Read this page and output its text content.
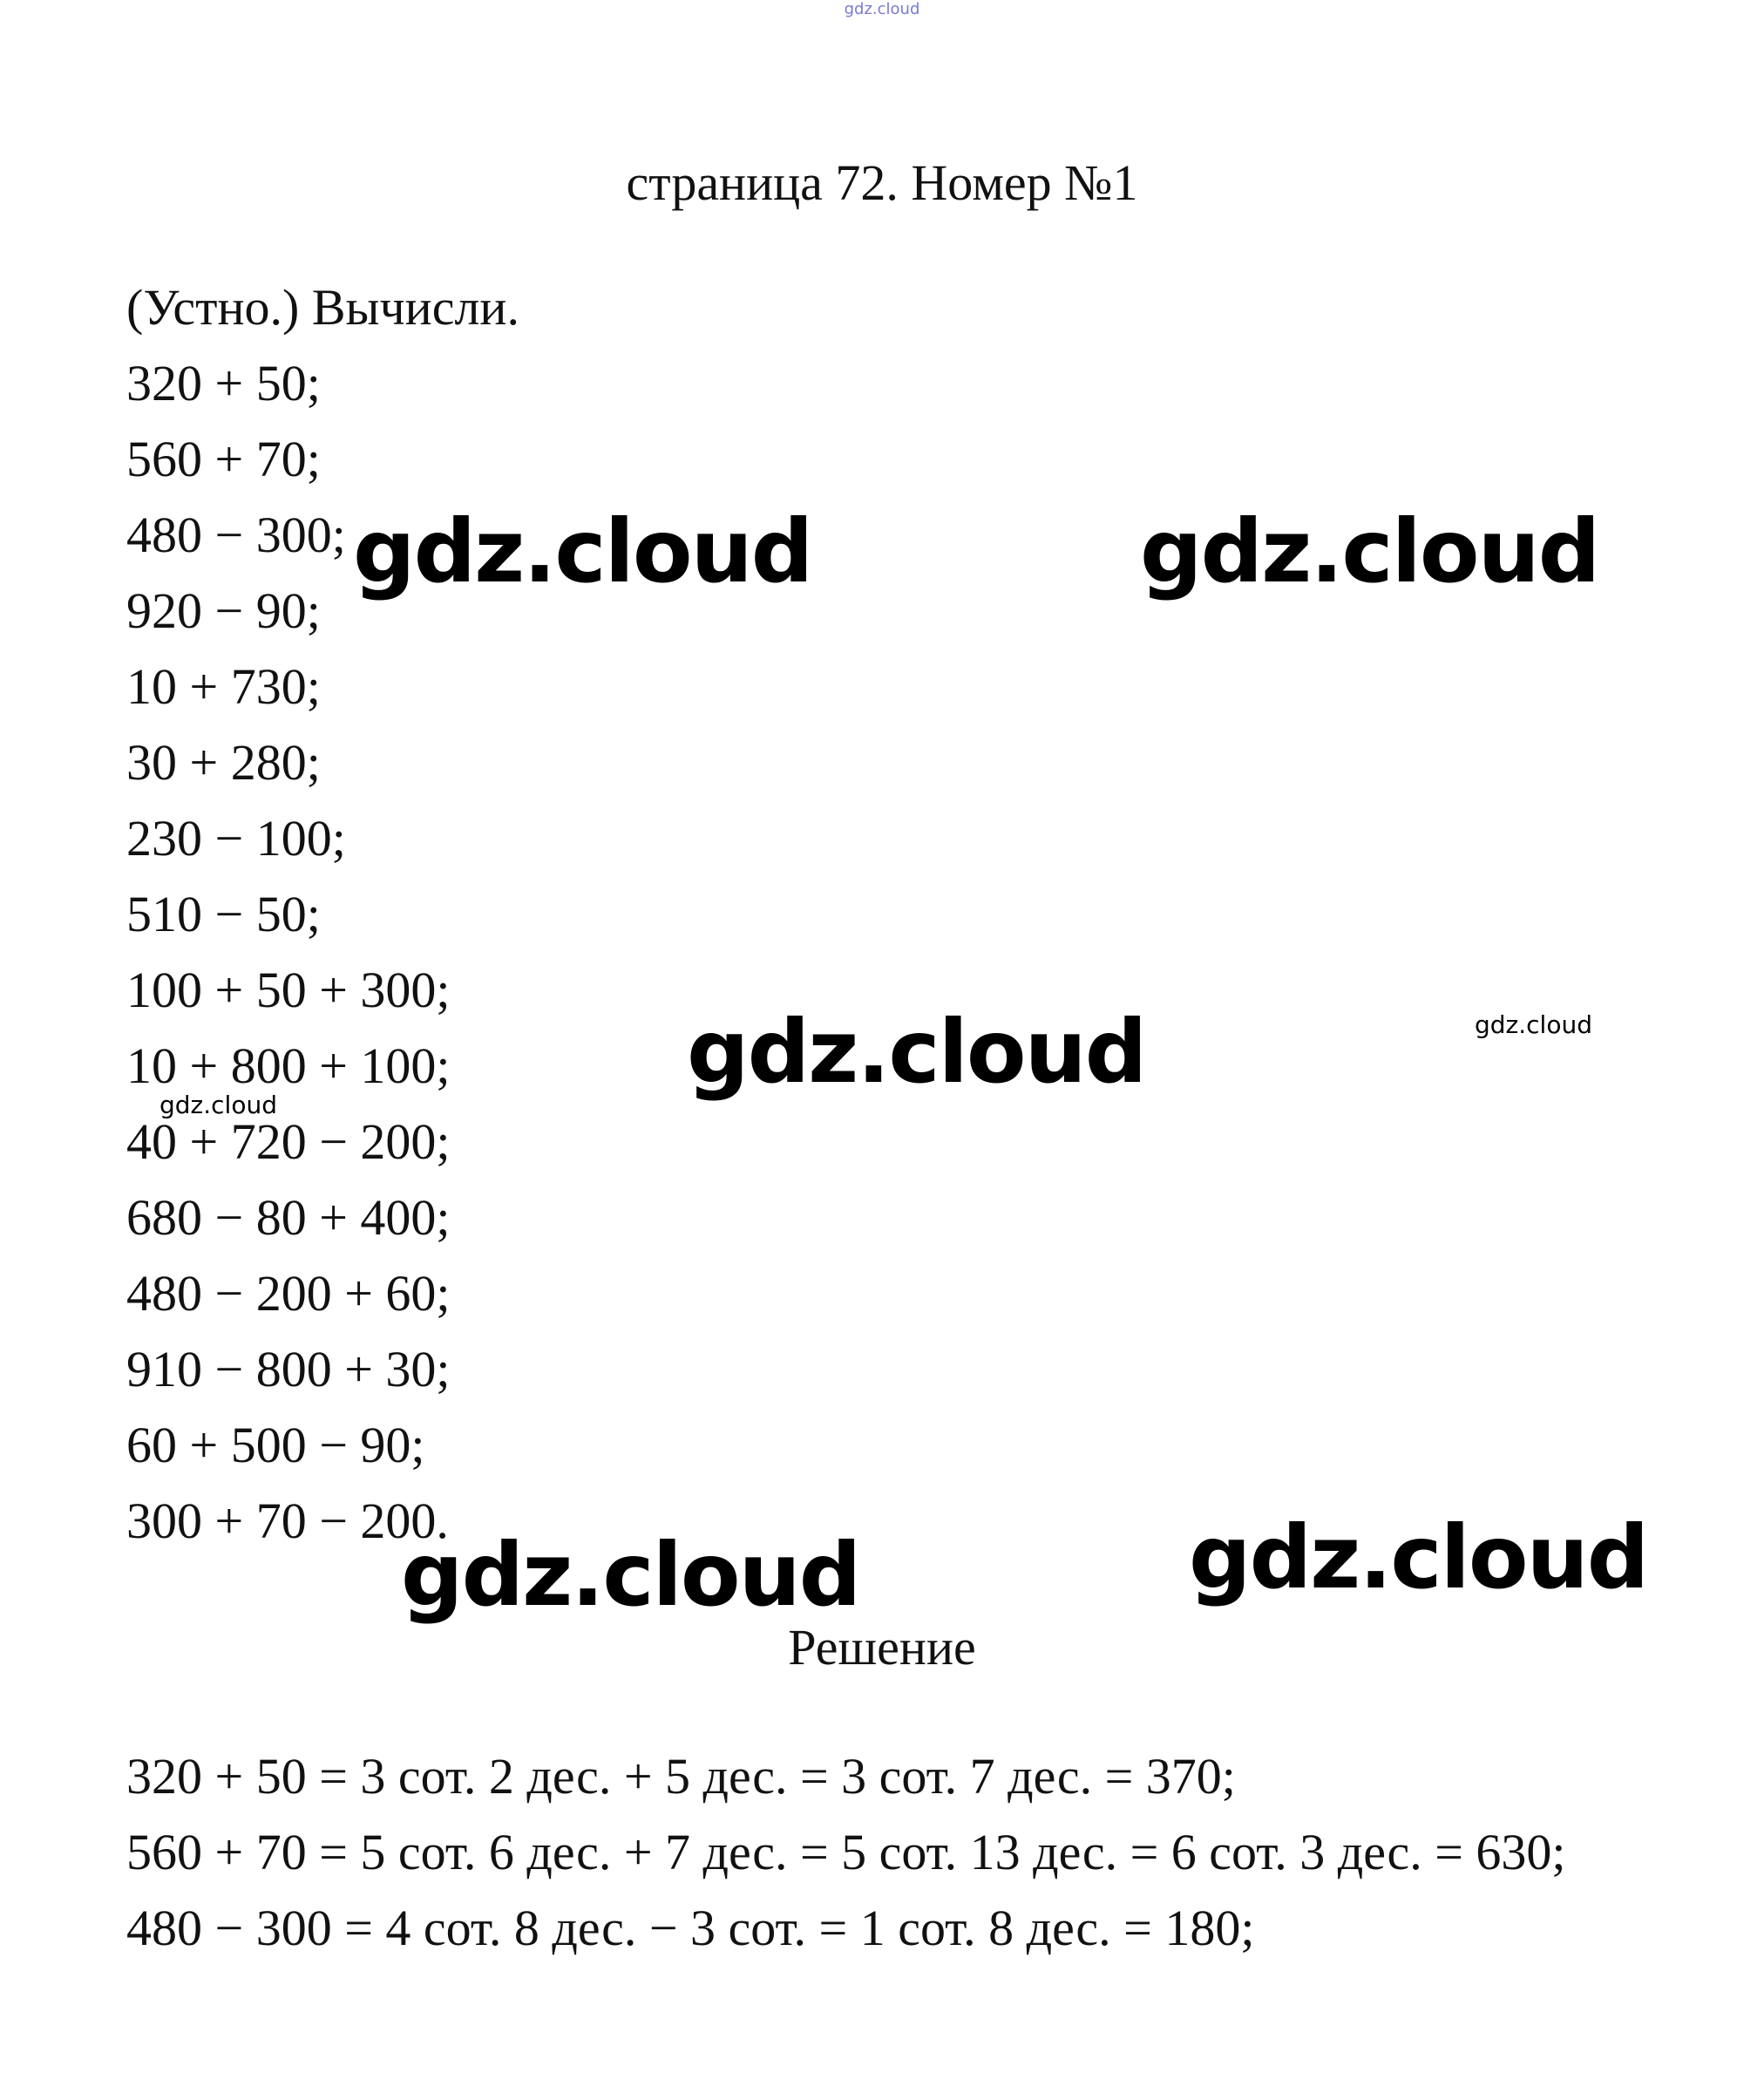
gdz.cloud
страница 72. Номер №1
(Устно.) Вычисли.
320 + 50;
560 + 70;
480 − 300;
920 − 90;
10 + 730;
30 + 280;
230 − 100;
510 − 50;
100 + 50 + 300;
10 + 800 + 100;
40 + 720 − 200;
680 − 80 + 400;
480 − 200 + 60;
910 − 800 + 30;
60 + 500 − 90;
300 + 70 − 200.
Решение
320 + 50 = 3 сот. 2 дес. + 5 дес. = 3 сот. 7 дес. = 370;
560 + 70 = 5 сот. 6 дес. + 7 дес. = 5 сот. 13 дес. = 6 сот. 3 дес. = 630;
480 − 300 = 4 сот. 8 дес. − 3 сот. = 1 сот. 8 дес. = 180;
gdz.cloud	gdz.cloud
gdz.cloud	gdz.cloud
gdz.cloud
gdz.cloud	gdz.cloud
